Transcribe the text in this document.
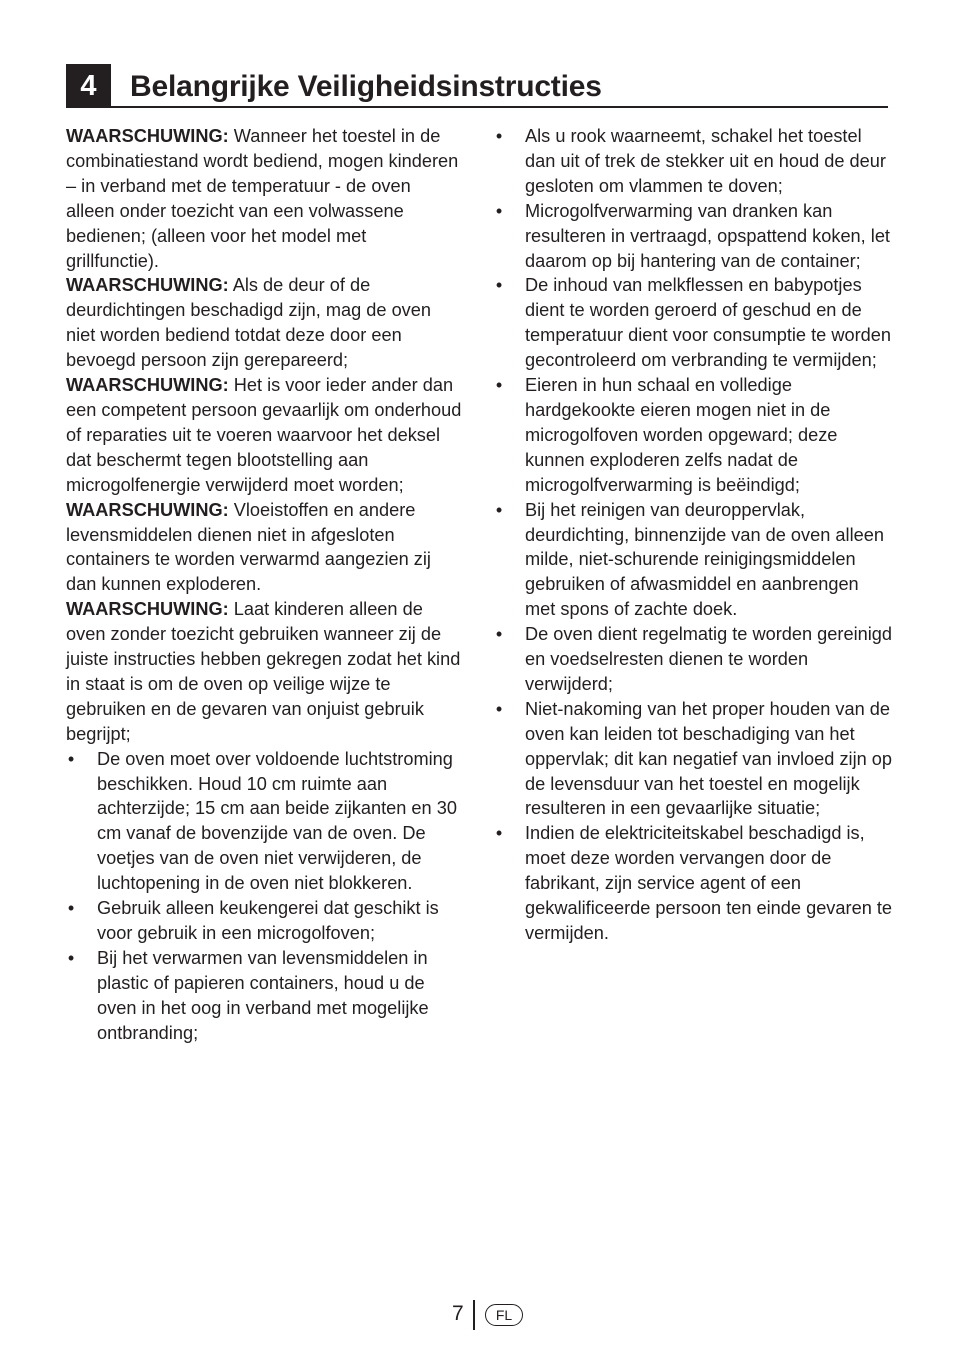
4	Belangrijke Veiligheidsinstructies

WAARSCHUWING: Wanneer het toestel in de combinatiestand wordt bediend, mogen kinderen – in verband met de temperatuur - de oven alleen onder toezicht van een volwassene bedienen; (alleen voor het model met grillfunctie).

WAARSCHUWING: Als de deur of de deurdichtingen beschadigd zijn, mag de oven niet worden bediend totdat deze door een bevoegd persoon zijn gerepareerd;

WAARSCHUWING: Het is voor ieder ander dan een competent persoon gevaarlijk om onderhoud of reparaties uit te voeren waarvoor het deksel dat beschermt tegen blootstelling aan microgolfenergie verwijderd moet worden;

WAARSCHUWING: Vloeistoffen en andere levensmiddelen dienen niet in afgesloten containers te worden verwarmd aangezien zij dan kunnen exploderen.

WAARSCHUWING: Laat kinderen alleen de oven zonder toezicht gebruiken wanneer zij de juiste instructies hebben gekregen zodat het kind in staat is om de oven op veilige wijze te gebruiken en de gevaren van onjuist gebruik begrijpt;

• De oven moet over voldoende luchtstroming beschikken. Houd 10 cm ruimte aan achterzijde; 15 cm aan beide zijkanten en 30 cm vanaf de bovenzijde van de oven. De voetjes van de oven niet verwijderen, de luchtopening in de oven niet blokkeren.
• Gebruik alleen keukengerei dat geschikt is voor gebruik in een microgolfoven;
• Bij het verwarmen van levensmiddelen in plastic of papieren containers, houd u de oven in het oog in verband met mogelijke ontbranding;
• Als u rook waarneemt, schakel het toestel dan uit of trek de stekker uit en houd de deur gesloten om vlammen te doven;
• Microgolfverwarming van dranken kan resulteren in vertraagd, opspattend koken, let daarom op bij hantering van de container;
• De inhoud van melkflessen en babypotjes dient te worden geroerd of geschud en de temperatuur dient voor consumptie te worden gecontroleerd om verbranding te vermijden;
• Eieren in hun schaal en volledige hardgekookte eieren mogen niet in de microgolfoven worden opgeward; deze kunnen exploderen zelfs nadat de microgolfverwarming is beëindigd;
• Bij het reinigen van deuroppervlak, deurdichting, binnenzijde van de oven alleen milde, niet-schurende reinigingsmiddelen gebruiken of afwasmiddel en aanbrengen met spons of zachte doek.
• De oven dient regelmatig te worden gereinigd en voedselresten dienen te worden verwijderd;
• Niet-nakoming van het proper houden van de oven kan leiden tot beschadiging van het oppervlak; dit kan negatief van invloed zijn op de levensduur van het toestel en mogelijk resulteren in een gevaarlijke situatie;
• Indien de elektriciteitskabel beschadigd is, moet deze worden vervangen door de fabrikant, zijn service agent of een gekwalificeerde persoon ten einde gevaren te vermijden.
7	FL
